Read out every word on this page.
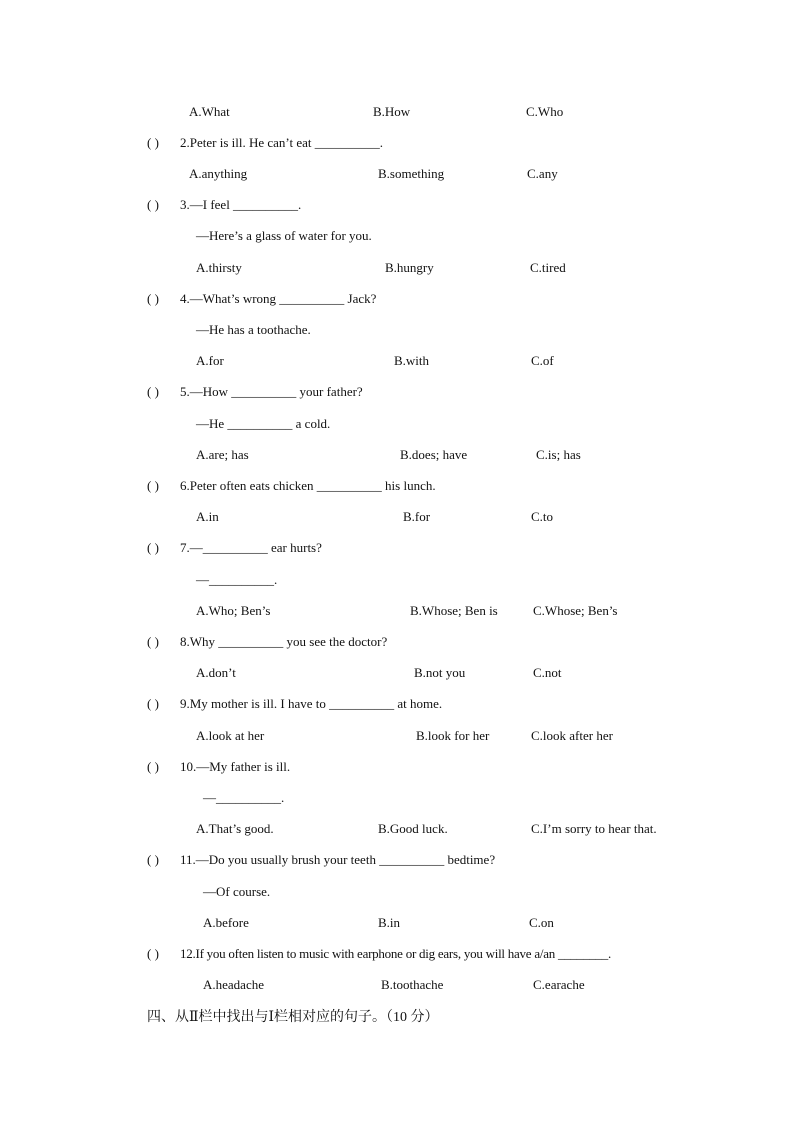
A.What	B.How	C.Who
( ) 2.Peter is ill. He can’t eat __________.
A.anything	B.something	C.any
( ) 3.—I feel __________.
—Here’s a glass of water for you.
A.thirsty	B.hungry	C.tired
( ) 4.—What’s wrong __________ Jack?
—He has a toothache.
A.for	B.with	C.of
( ) 5.—How __________ your father?
—He __________ a cold.
A.are; has	B.does; have	C.is; has
( ) 6.Peter often eats chicken __________ his lunch.
A.in	B.for	C.to
( ) 7.—__________ ear hurts?
—__________.
A.Who; Ben’s	B.Whose; Ben is	C.Whose; Ben’s
( ) 8.Why __________ you see the doctor?
A.don’t	B.not you	C.not
( ) 9.My mother is ill. I have to __________ at home.
A.look at her	B.look for her	C.look after her
( ) 10.—My father is ill.
—__________.
A.That’s good.	B.Good luck.	C.I’m sorry to hear that.
( ) 11.—Do you usually brush your teeth __________ bedtime?
—Of course.
A.before	B.in	C.on
( ) 12.If you often listen to music with earphone or dig ears, you will have a/an ________.
A.headache	B.toothache	C.earache
四、从Ⅱ栏中找出与Ⅰ栏相对应的句子。（10 分）
